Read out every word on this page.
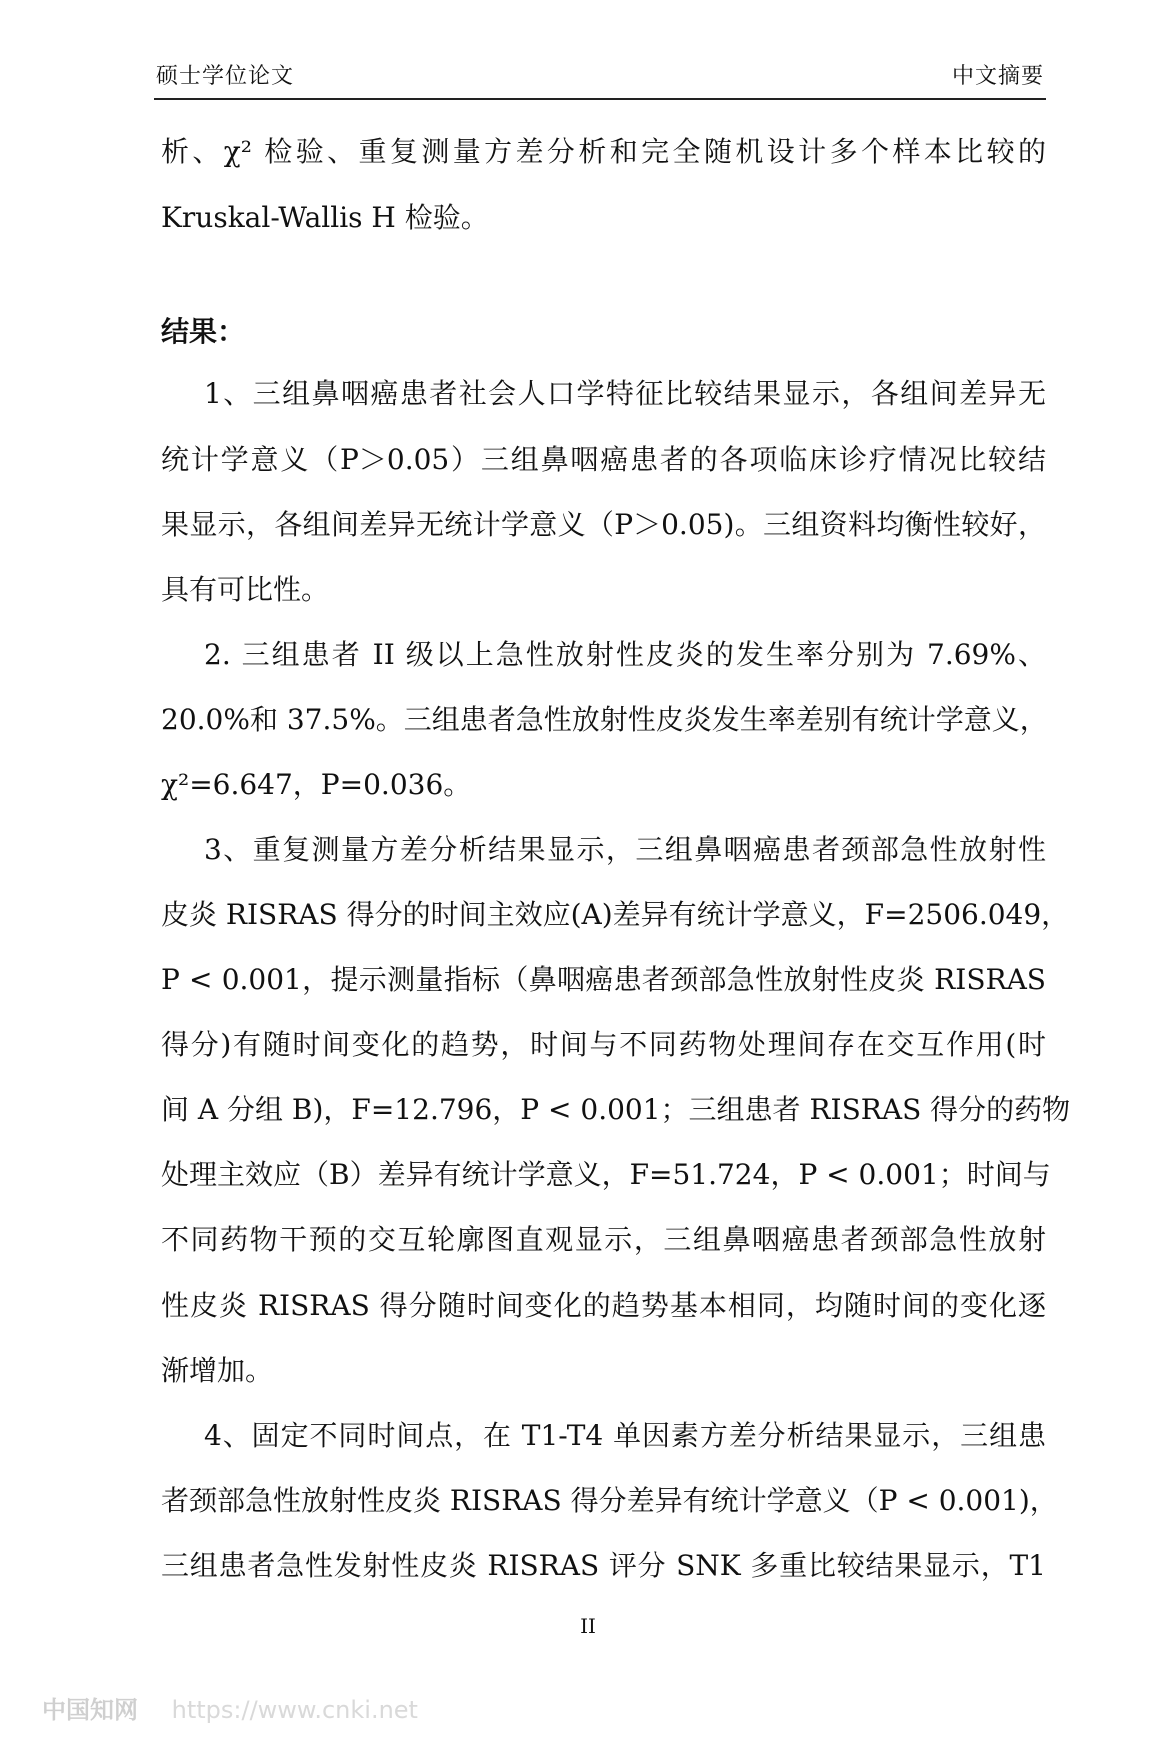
硕士学位论文	中文摘要
析、χ² 检验、重复测量方差分析和完全随机设计多个样本比较的
Kruskal-Wallis H 检验。
结果：
1、三组鼻咽癌患者社会人口学特征比较结果显示，各组间差异无
统计学意义（P＞0.05）三组鼻咽癌患者的各项临床诊疗情况比较结
果显示，各组间差异无统计学意义（P＞0.05)。三组资料均衡性较好，
具有可比性。
2. 三组患者 II 级以上急性放射性皮炎的发生率分别为 7.69%、
20.0%和 37.5%。三组患者急性放射性皮炎发生率差别有统计学意义，
χ²=6.647，P=0.036。
3、重复测量方差分析结果显示，三组鼻咽癌患者颈部急性放射性
皮炎 RISRAS 得分的时间主效应(A)差异有统计学意义，F=2506.049，
P < 0.001，提示测量指标（鼻咽癌患者颈部急性放射性皮炎 RISRAS
得分)有随时间变化的趋势，时间与不同药物处理间存在交互作用(时
间 A 分组 B)，F=12.796，P < 0.001；三组患者 RISRAS 得分的药物
处理主效应（B）差异有统计学意义，F=51.724，P < 0.001；时间与
不同药物干预的交互轮廓图直观显示，三组鼻咽癌患者颈部急性放射
性皮炎 RISRAS 得分随时间变化的趋势基本相同，均随时间的变化逐
渐增加。
4、固定不同时间点，在 T1-T4 单因素方差分析结果显示，三组患
者颈部急性放射性皮炎 RISRAS 得分差异有统计学意义（P < 0.001)，
三组患者急性发射性皮炎 RISRAS 评分 SNK 多重比较结果显示，T1
II
中国知网 https://www.cnki.net
